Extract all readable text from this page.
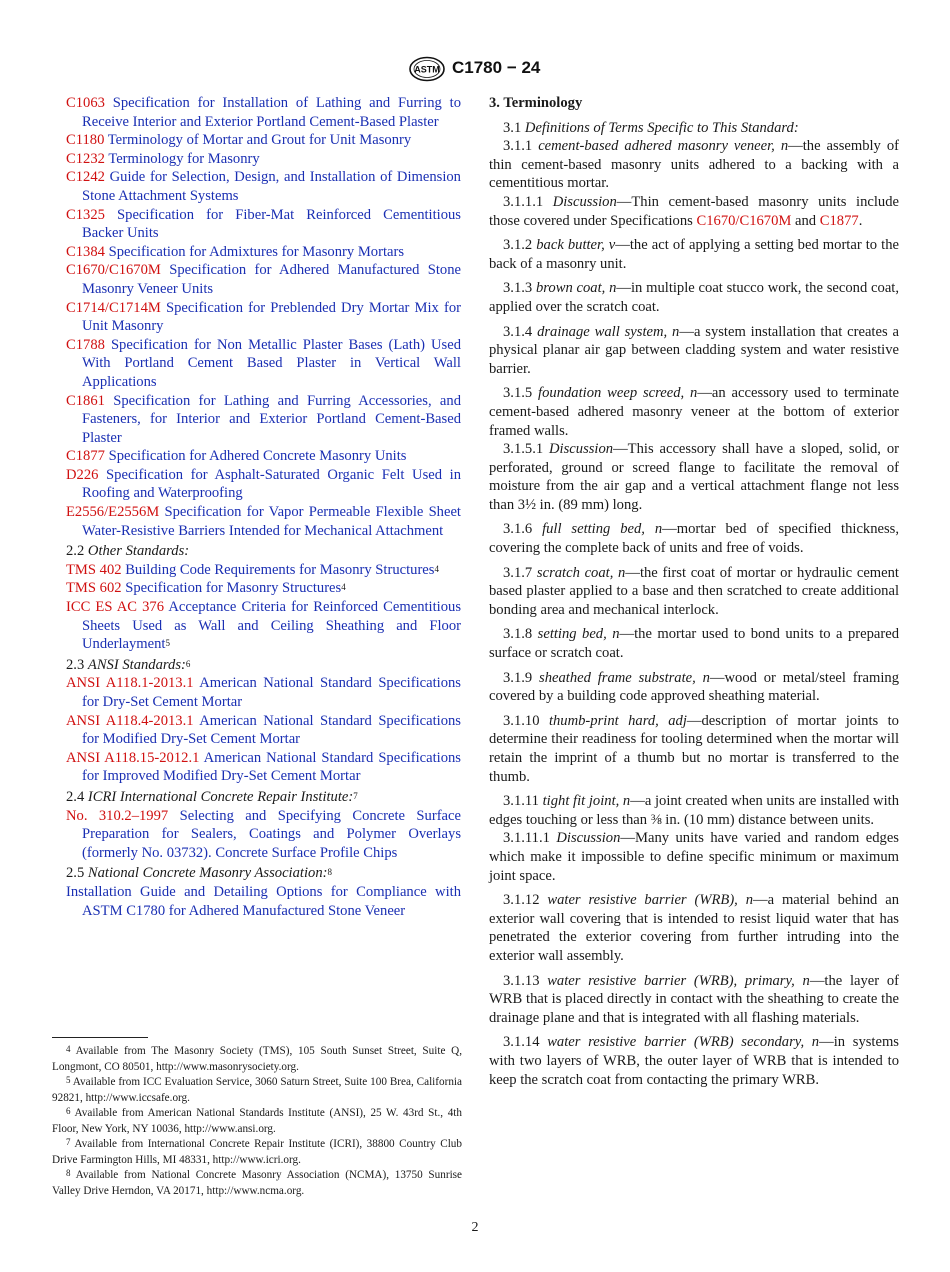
ASTM C1780 − 24

C1063 Specification for Installation of Lathing and Furring to Receive Interior and Exterior Portland Cement-Based Plaster

C1180 Terminology of Mortar and Grout for Unit Masonry

C1232 Terminology for Masonry

C1242 Guide for Selection, Design, and Installation of Dimension Stone Attachment Systems

C1325 Specification for Fiber-Mat Reinforced Cementitious Backer Units

C1384 Specification for Admixtures for Masonry Mortars

C1670/C1670M Specification for Adhered Manufactured Stone Masonry Veneer Units

C1714/C1714M Specification for Preblended Dry Mortar Mix for Unit Masonry

C1788 Specification for Non Metallic Plaster Bases (Lath) Used With Portland Cement Based Plaster in Vertical Wall Applications

C1861 Specification for Lathing and Furring Accessories, and Fasteners, for Interior and Exterior Portland Cement-Based Plaster

C1877 Specification for Adhered Concrete Masonry Units

D226 Specification for Asphalt-Saturated Organic Felt Used in Roofing and Waterproofing

E2556/E2556M Specification for Vapor Permeable Flexible Sheet Water-Resistive Barriers Intended for Mechanical Attachment

2.2 Other Standards:

TMS 402 Building Code Requirements for Masonry Structures$^4$

TMS 602 Specification for Masonry Structures$^4$

ICC ES AC 376 Acceptance Criteria for Reinforced Cementitious Sheets Used as Wall and Ceiling Sheathing and Floor Underlayment$^5$

2.3 ANSI Standards:$^6$

ANSI A118.1-2013.1 American National Standard Specifications for Dry-Set Cement Mortar

ANSI A118.4-2013.1 American National Standard Specifications for Modified Dry-Set Cement Mortar

ANSI A118.15-2012.1 American National Standard Specifications for Improved Modified Dry-Set Cement Mortar

2.4 ICRI International Concrete Repair Institute:$^7$

No. 310.2–1997 Selecting and Specifying Concrete Surface Preparation for Sealers, Coatings and Polymer Overlays (formerly No. 03732). Concrete Surface Profile Chips

2.5 National Concrete Masonry Association:$^8$

Installation Guide and Detailing Options for Compliance with ASTM C1780 for Adhered Manufactured Stone Veneer

$^4$ Available from The Masonry Society (TMS), 105 South Sunset Street, Suite Q, Longmont, CO 80501, http://www.masonrysociety.org.

$^5$ Available from ICC Evaluation Service, 3060 Saturn Street, Suite 100 Brea, California 92821, http://www.iccsafe.org.

$^6$ Available from American National Standards Institute (ANSI), 25 W. 43rd St., 4th Floor, New York, NY 10036, http://www.ansi.org.

$^7$ Available from International Concrete Repair Institute (ICRI), 38800 Country Club Drive Farmington Hills, MI 48331, http://www.icri.org.

$^8$ Available from National Concrete Masonry Association (NCMA), 13750 Sunrise Valley Drive Herndon, VA 20171, http://www.ncma.org.

3. Terminology

3.1 Definitions of Terms Specific to This Standard:

3.1.1 cement-based adhered masonry veneer, n—the assembly of thin cement-based masonry units adhered to a backing with a cementitious mortar.

3.1.1.1 Discussion—Thin cement-based masonry units include those covered under Specifications C1670/C1670M and C1877.

3.1.2 back butter, v—the act of applying a setting bed mortar to the back of a masonry unit.

3.1.3 brown coat, n—in multiple coat stucco work, the second coat, applied over the scratch coat.

3.1.4 drainage wall system, n—a system installation that creates a physical planar air gap between cladding system and water resistive barrier.

3.1.5 foundation weep screed, n—an accessory used to terminate cement-based adhered masonry veneer at the bottom of exterior framed walls.

3.1.5.1 Discussion—This accessory shall have a sloped, solid, or perforated, ground or screed flange to facilitate the removal of moisture from the air gap and a vertical attachment flange not less than 3½ in. (89 mm) long.

3.1.6 full setting bed, n—mortar bed of specified thickness, covering the complete back of units and free of voids.

3.1.7 scratch coat, n—the first coat of mortar or hydraulic cement based plaster applied to a base and then scratched to create additional bonding area and mechanical interlock.

3.1.8 setting bed, n—the mortar used to bond units to a prepared surface or scratch coat.

3.1.9 sheathed frame substrate, n—wood or metal/steel framing covered by a building code approved sheathing material.

3.1.10 thumb-print hard, adj—description of mortar joints to determine their readiness for tooling determined when the mortar will retain the imprint of a thumb but no mortar is transferred to the thumb.

3.1.11 tight fit joint, n—a joint created when units are installed with edges touching or less than ⅜ in. (10 mm) distance between units.

3.1.11.1 Discussion—Many units have varied and random edges which make it impossible to define specific minimum or maximum joint space.

3.1.12 water resistive barrier (WRB), n—a material behind an exterior wall covering that is intended to resist liquid water that has penetrated the exterior covering from further intruding into the exterior wall assembly.

3.1.13 water resistive barrier (WRB), primary, n—the layer of WRB that is placed directly in contact with the sheathing to create the drainage plane and that is integrated with all flashing materials.

3.1.14 water resistive barrier (WRB) secondary, n—in systems with two layers of WRB, the outer layer of WRB that is intended to keep the scratch coat from contacting the primary WRB.

2
